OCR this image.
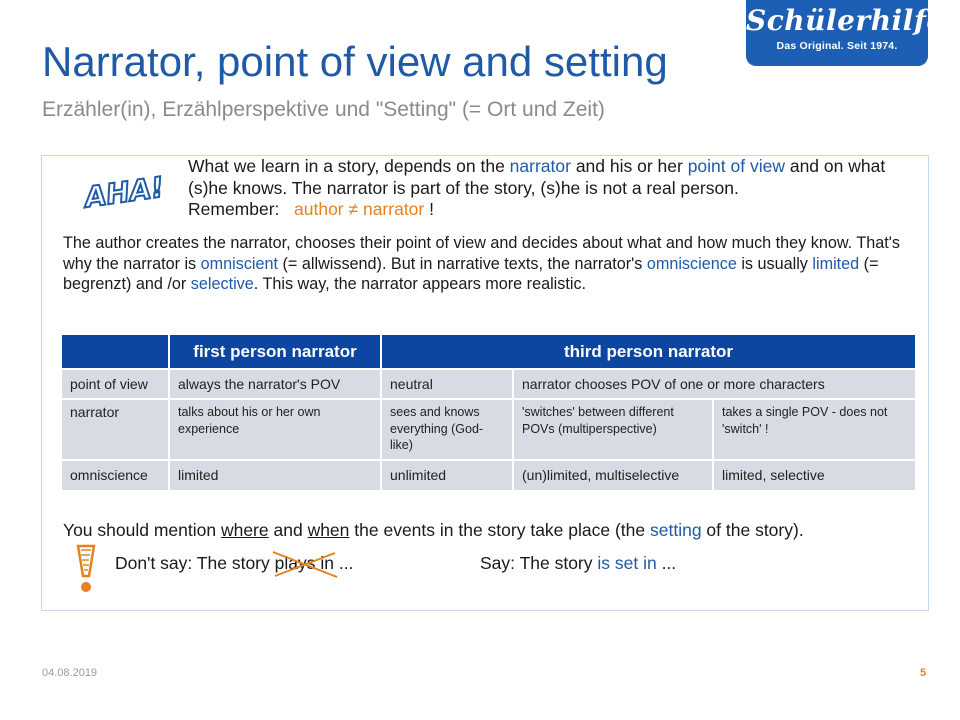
Schülerhilfe!
Das Original. Seit 1974.
Narrator, point of view and setting
Erzähler(in), Erzählperspektive und "Setting" (= Ort und Zeit)
AHA!

What we learn in a story, depends on the narrator and his or her point of view and on what (s)he knows. The narrator is part of the story, (s)he is not a real person.
Remember: author ≠ narrator !

The author creates the narrator, chooses their point of view and decides about what and how much they know. That's why the narrator is omniscient (= allwissend). But in narrative texts, the narrator's omniscience is usually limited (= begrenzt) and /or selective. This way, the narrator appears more realistic.

	first person narrator	third person narrator		
point of view	always the narrator's POV	neutral	narrator chooses POV of one or more characters	
narrator	talks about his or her own experience	sees and knows everything (God-like)	'switches' between different POVs (multiperspective)	takes a single POV - does not 'switch' !
omniscience	limited	unlimited	(un)limited, multiselective	limited, selective

You should mention where and when the events in the story take place (the setting of the story).

Don't say: The story plays in
...	Say: The story is set in ...

04.08.2019	5
